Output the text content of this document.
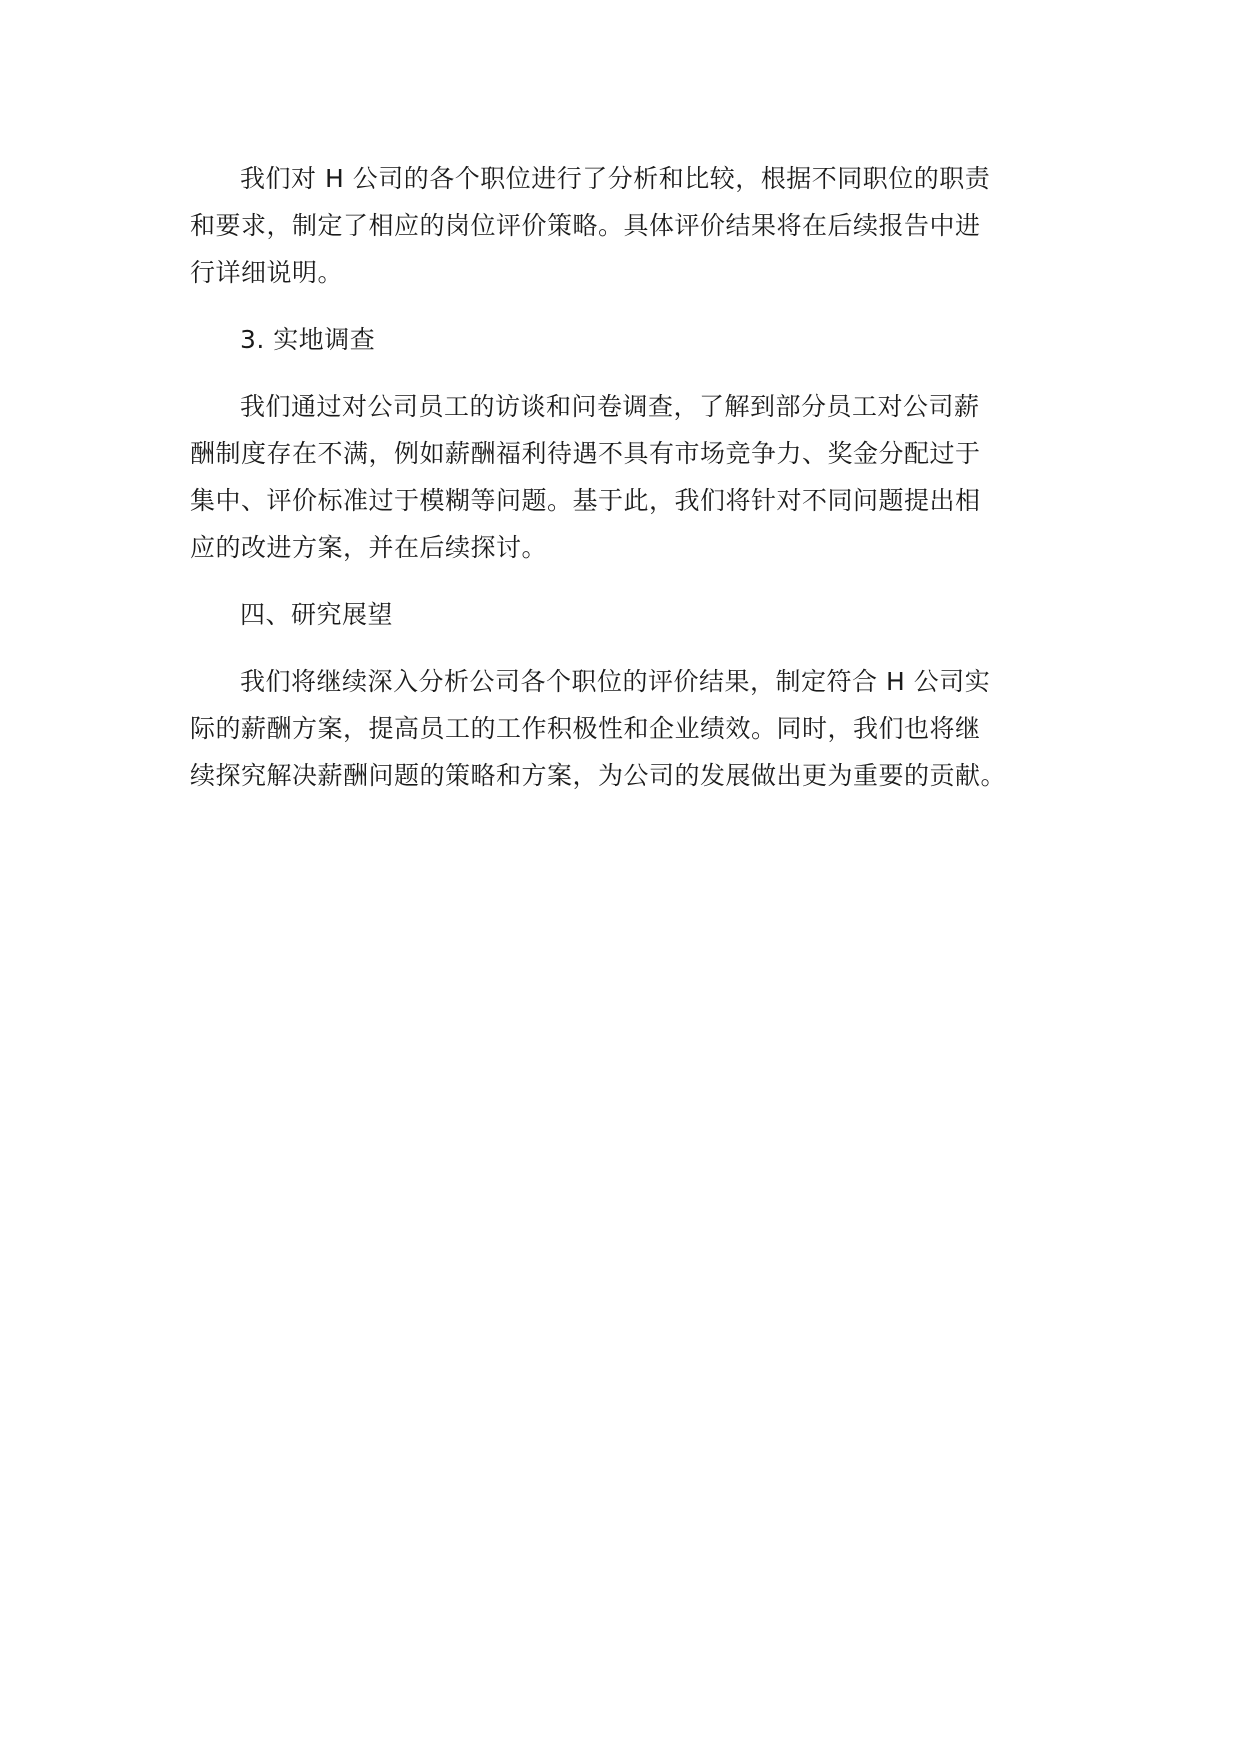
我们对 H 公司的各个职位进行了分析和比较，根据不同职位的职责
和要求，制定了相应的岗位评价策略。具体评价结果将在后续报告中进
行详细说明。
3. 实地调查
我们通过对公司员工的访谈和问卷调查，了解到部分员工对公司薪
酬制度存在不满，例如薪酬福利待遇不具有市场竞争力、奖金分配过于
集中、评价标准过于模糊等问题。基于此，我们将针对不同问题提出相
应的改进方案，并在后续探讨。
四、研究展望
我们将继续深入分析公司各个职位的评价结果，制定符合 H 公司实
际的薪酬方案，提高员工的工作积极性和企业绩效。同时，我们也将继
续探究解决薪酬问题的策略和方案，为公司的发展做出更为重要的贡献。
